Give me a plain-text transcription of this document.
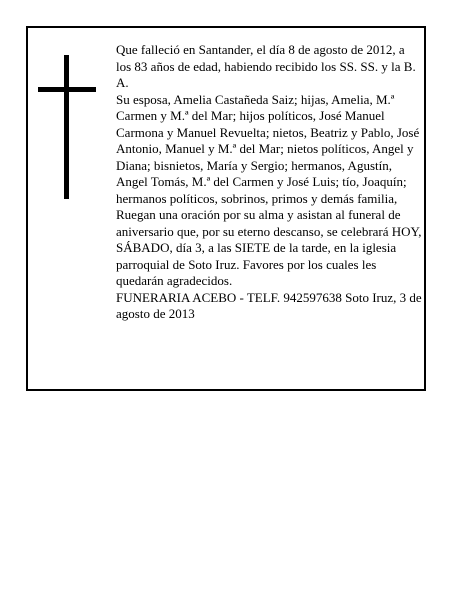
Que falleció en Santander, el día 8 de agosto de 2012, a los 83 años de edad, habiendo recibido los SS. SS. y la B. A.

Su esposa, Amelia Castañeda Saiz; hijas, Amelia, M.ª Carmen y M.ª del Mar; hijos políticos, José Manuel Carmona y Manuel Revuelta; nietos, Beatriz y Pablo, José Antonio, Manuel y M.ª del Mar; nietos políticos, Angel y Diana; bisnietos, María y Sergio; hermanos, Agustín, Angel Tomás, M.ª del Carmen y José Luis; tío, Joaquín; hermanos políticos, sobrinos, primos y demás familia,

Ruegan una oración por su alma y asistan al funeral de aniversario que, por su eterno descanso, se celebrará HOY, SÁBADO, día 3, a las SIETE de la tarde, en la iglesia parroquial de Soto Iruz. Favores por los cuales les quedarán agradecidos.

FUNERARIA ACEBO - TELF. 942597638 Soto Iruz, 3 de agosto de 2013
